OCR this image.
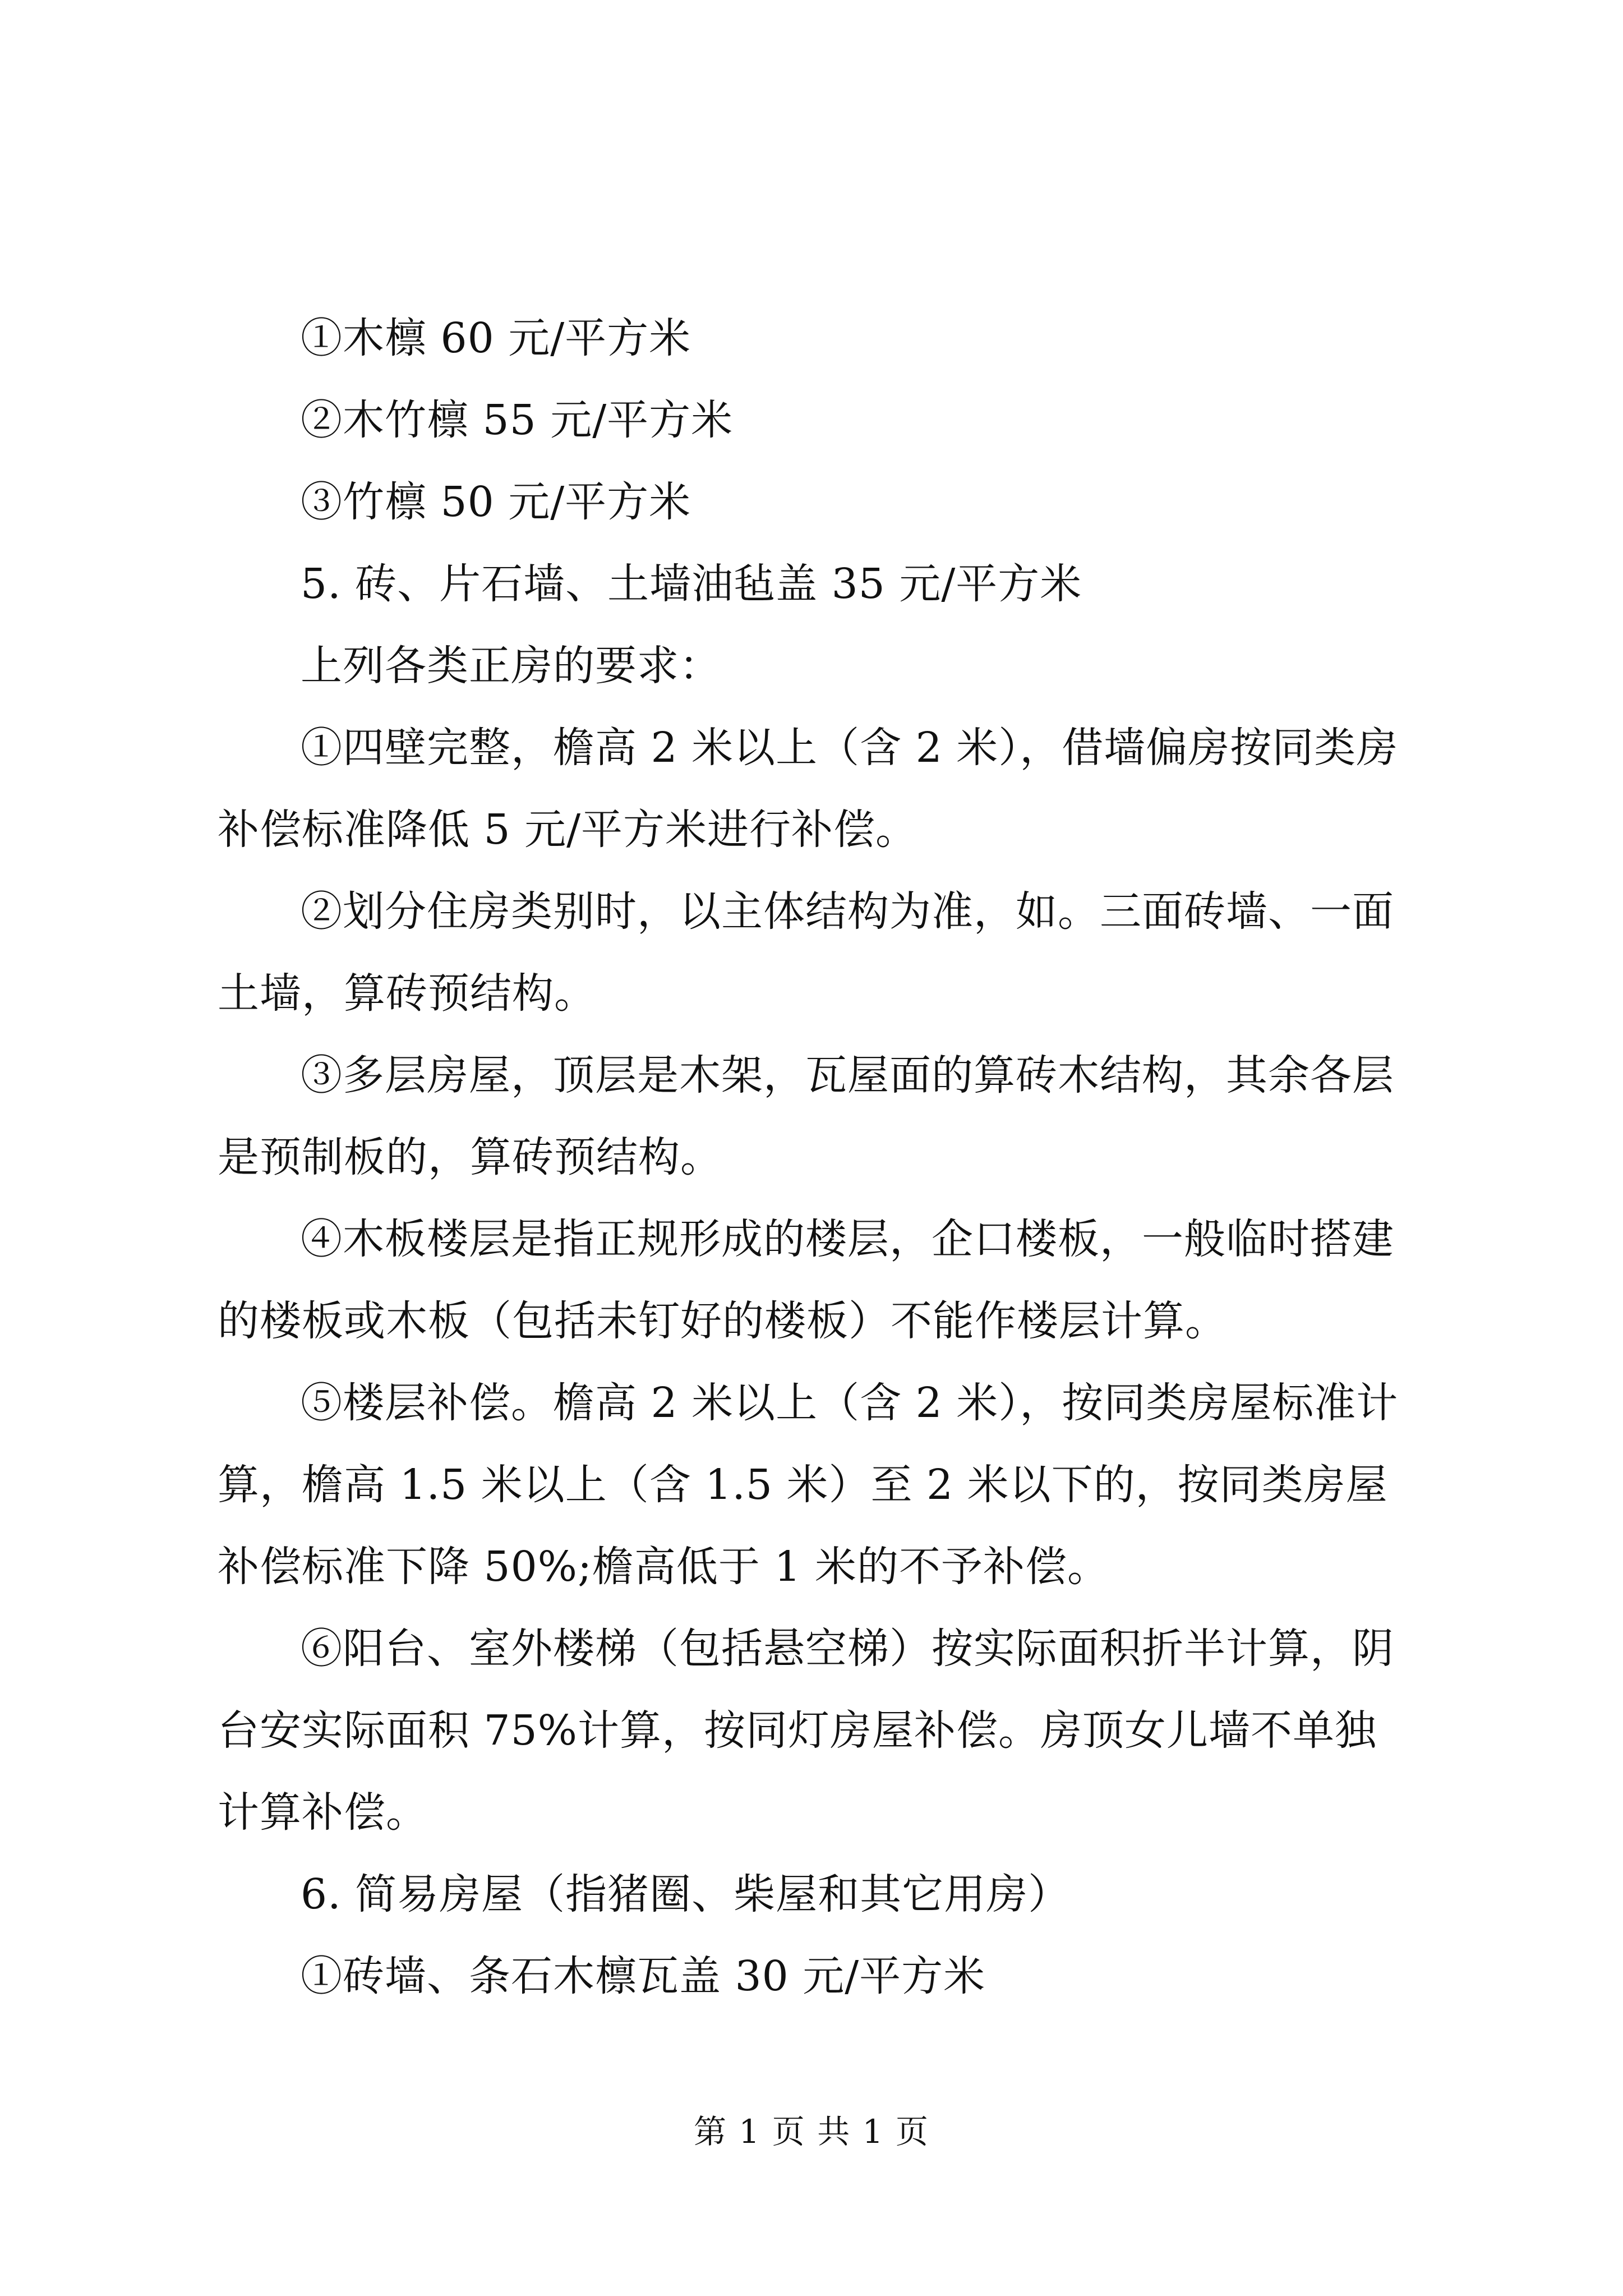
①木檩 60 元/平方米

②木竹檩 55 元/平方米

③竹檩 50 元/平方米

5. 砖、片石墙、土墙油毡盖 35 元/平方米

上列各类正房的要求：

①四壁完整，檐高 2 米以上（含 2 米），借墙偏房按同类房补偿标准降低 5 元/平方米进行补偿。

②划分住房类别时，以主体结构为准，如。三面砖墙、一面土墙，算砖预结构。

③多层房屋，顶层是木架，瓦屋面的算砖木结构，其余各层是预制板的，算砖预结构。

④木板楼层是指正规形成的楼层，企口楼板，一般临时搭建的楼板或木板（包括未钉好的楼板）不能作楼层计算。

⑤楼层补偿。檐高 2 米以上（含 2 米），按同类房屋标准计算，檐高 1.5 米以上（含 1.5 米）至 2 米以下的，按同类房屋补偿标准下降 50%;檐高低于 1 米的不予补偿。

⑥阳台、室外楼梯（包括悬空梯）按实际面积折半计算，阴台安实际面积 75%计算，按同灯房屋补偿。房顶女儿墙不单独计算补偿。

6. 简易房屋（指猪圈、柴屋和其它用房）

①砖墙、条石木檩瓦盖 30 元/平方米

第 1 页 共 1 页
